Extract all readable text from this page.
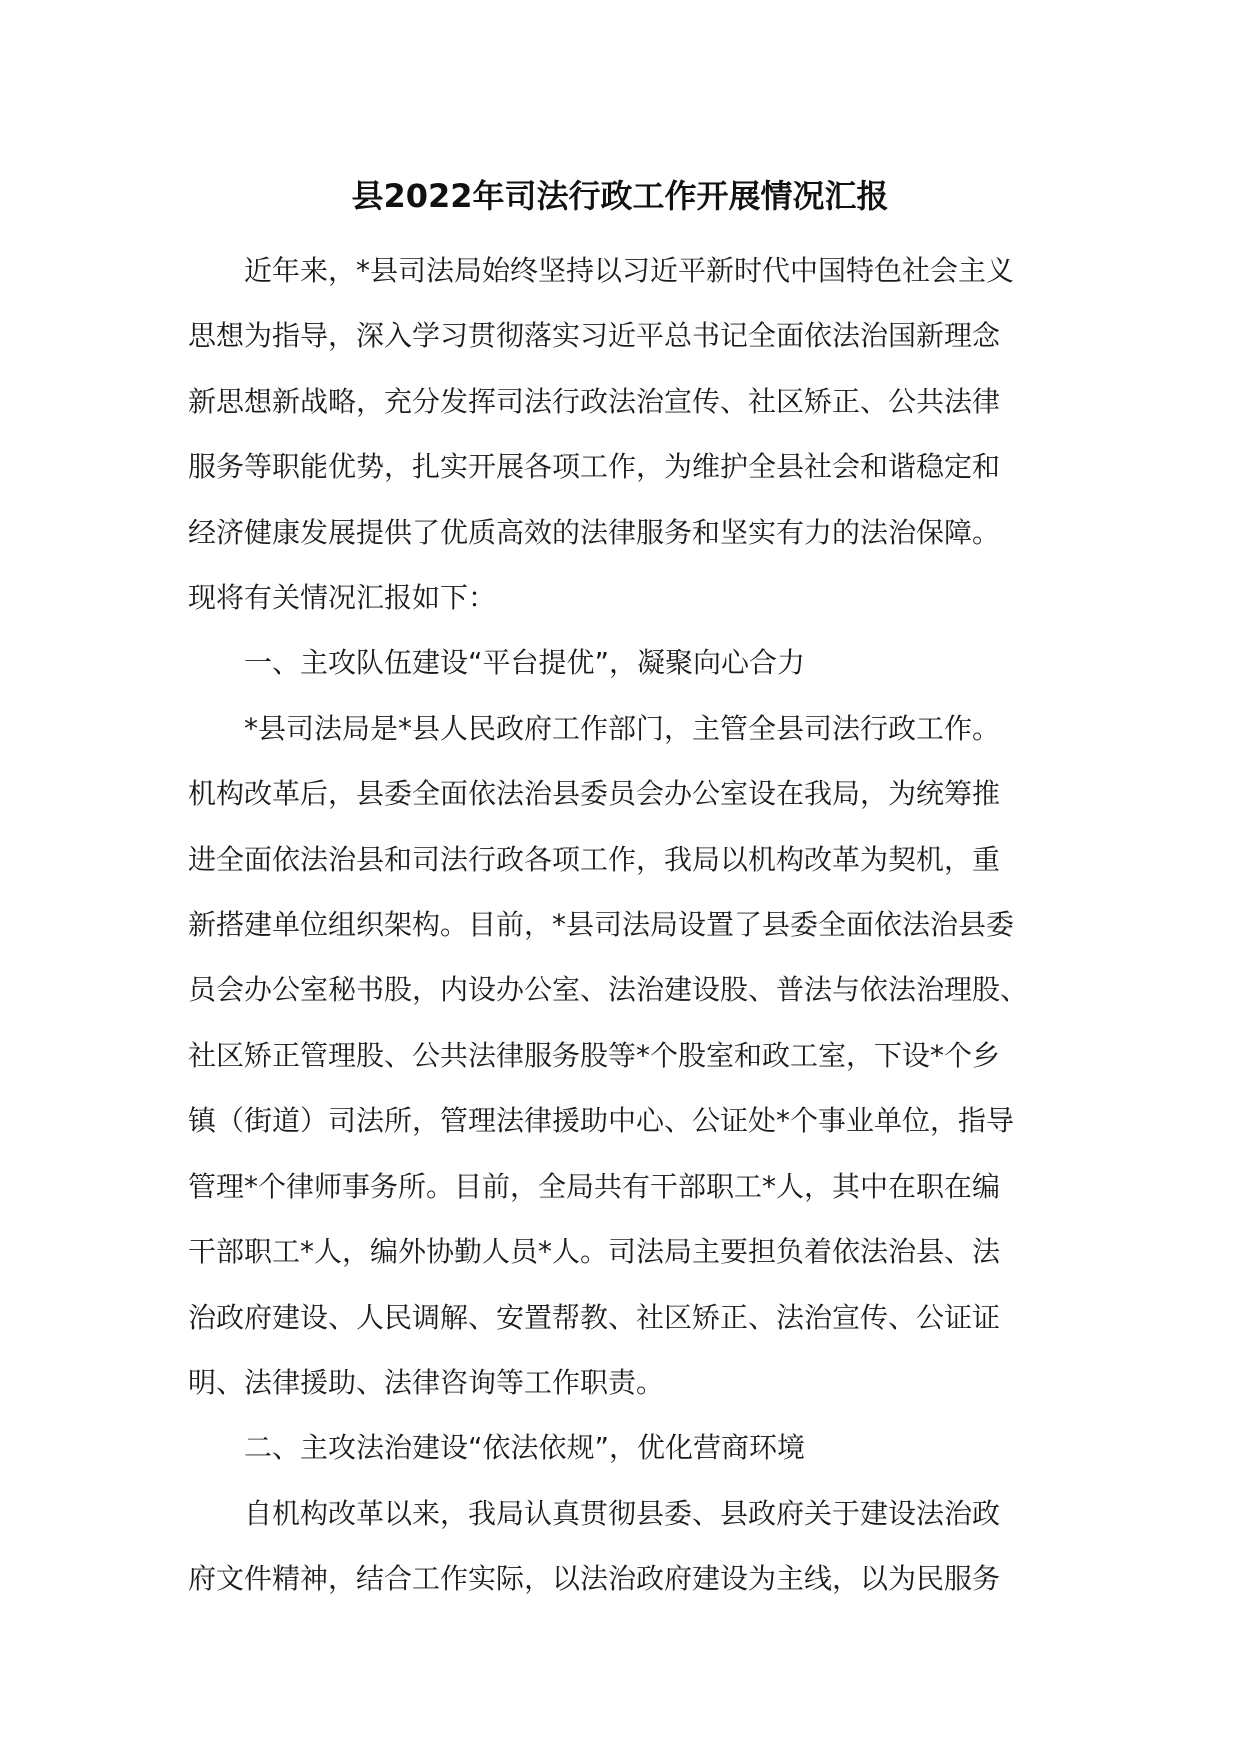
县2022年司法行政工作开展情况汇报
近年来，*县司法局始终坚持以习近平新时代中国特色社会主义
思想为指导，深入学习贯彻落实习近平总书记全面依法治国新理念
新思想新战略，充分发挥司法行政法治宣传、社区矫正、公共法律
服务等职能优势，扎实开展各项工作，为维护全县社会和谐稳定和
经济健康发展提供了优质高效的法律服务和坚实有力的法治保障。
现将有关情况汇报如下：
一、主攻队伍建设“平台提优”，凝聚向心合力
*县司法局是*县人民政府工作部门，主管全县司法行政工作。
机构改革后，县委全面依法治县委员会办公室设在我局，为统筹推
进全面依法治县和司法行政各项工作，我局以机构改革为契机，重
新搭建单位组织架构。目前，*县司法局设置了县委全面依法治县委
员会办公室秘书股，内设办公室、法治建设股、普法与依法治理股、
社区矫正管理股、公共法律服务股等*个股室和政工室，下设*个乡
镇（街道）司法所，管理法律援助中心、公证处*个事业单位，指导
管理*个律师事务所。目前，全局共有干部职工*人，其中在职在编
干部职工*人，编外协勤人员*人。司法局主要担负着依法治县、法
治政府建设、人民调解、安置帮教、社区矫正、法治宣传、公证证
明、法律援助、法律咨询等工作职责。
二、主攻法治建设“依法依规”，优化营商环境
自机构改革以来，我局认真贯彻县委、县政府关于建设法治政
府文件精神，结合工作实际，以法治政府建设为主线，以为民服务
